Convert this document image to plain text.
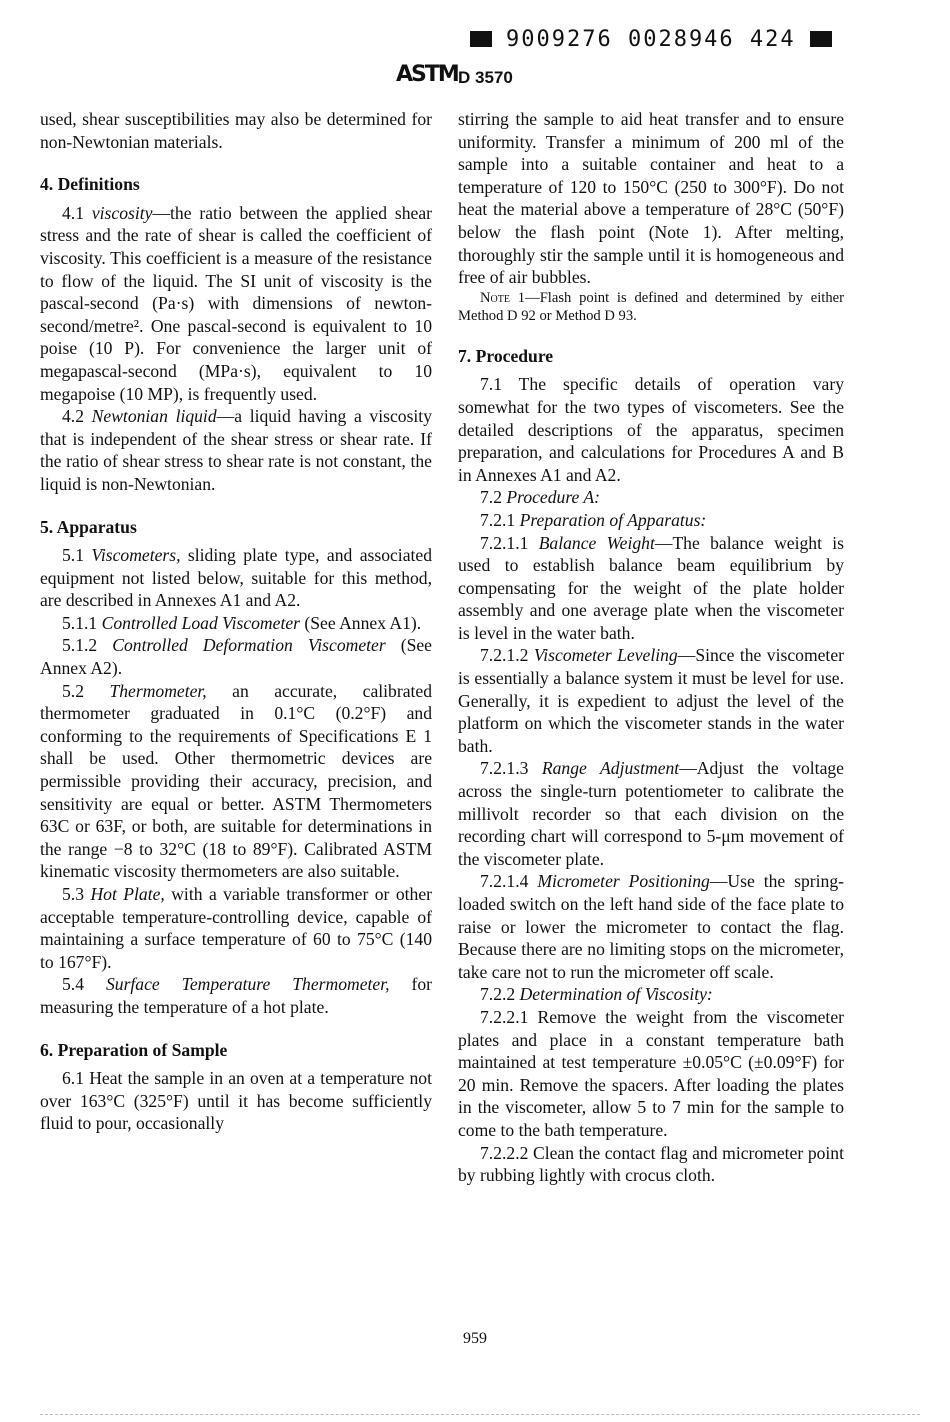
9009276 0028946 424
ASTM D 3570

used, shear susceptibilities may also be determined for non-Newtonian materials.

4. Definitions

4.1 viscosity—the ratio between the applied shear stress and the rate of shear is called the coefficient of viscosity. This coefficient is a measure of the resistance to flow of the liquid. The SI unit of viscosity is the pascal-second (Pa·s) with dimensions of newton-second/metre². One pascal-second is equivalent to 10 poise (10 P). For convenience the larger unit of megapascal-second (MPa·s), equivalent to 10 megapoise (10 MP), is frequently used.

4.2 Newtonian liquid—a liquid having a viscosity that is independent of the shear stress or shear rate. If the ratio of shear stress to shear rate is not constant, the liquid is non-Newtonian.

5. Apparatus

5.1 Viscometers, sliding plate type, and associated equipment not listed below, suitable for this method, are described in Annexes A1 and A2.

5.1.1 Controlled Load Viscometer (See Annex A1).

5.1.2 Controlled Deformation Viscometer (See Annex A2).

5.2 Thermometer, an accurate, calibrated thermometer graduated in 0.1°C (0.2°F) and conforming to the requirements of Specifications E 1 shall be used. Other thermometric devices are permissible providing their accuracy, precision, and sensitivity are equal or better. ASTM Thermometers 63C or 63F, or both, are suitable for determinations in the range −8 to 32°C (18 to 89°F). Calibrated ASTM kinematic viscosity thermometers are also suitable.

5.3 Hot Plate, with a variable transformer or other acceptable temperature-controlling device, capable of maintaining a surface temperature of 60 to 75°C (140 to 167°F).

5.4 Surface Temperature Thermometer, for measuring the temperature of a hot plate.

6. Preparation of Sample

6.1 Heat the sample in an oven at a temperature not over 163°C (325°F) until it has become sufficiently fluid to pour, occasionally

stirring the sample to aid heat transfer and to ensure uniformity. Transfer a minimum of 200 ml of the sample into a suitable container and heat to a temperature of 120 to 150°C (250 to 300°F). Do not heat the material above a temperature of 28°C (50°F) below the flash point (Note 1). After melting, thoroughly stir the sample until it is homogeneous and free of air bubbles.

Note 1—Flash point is defined and determined by either Method D 92 or Method D 93.

7. Procedure

7.1 The specific details of operation vary somewhat for the two types of viscometers. See the detailed descriptions of the apparatus, specimen preparation, and calculations for Procedures A and B in Annexes A1 and A2.

7.2 Procedure A:

7.2.1 Preparation of Apparatus:

7.2.1.1 Balance Weight—The balance weight is used to establish balance beam equilibrium by compensating for the weight of the plate holder assembly and one average plate when the viscometer is level in the water bath.

7.2.1.2 Viscometer Leveling—Since the viscometer is essentially a balance system it must be level for use. Generally, it is expedient to adjust the level of the platform on which the viscometer stands in the water bath.

7.2.1.3 Range Adjustment—Adjust the voltage across the single-turn potentiometer to calibrate the millivolt recorder so that each division on the recording chart will correspond to 5-μm movement of the viscometer plate.

7.2.1.4 Micrometer Positioning—Use the spring-loaded switch on the left hand side of the face plate to raise or lower the micrometer to contact the flag. Because there are no limiting stops on the micrometer, take care not to run the micrometer off scale.

7.2.2 Determination of Viscosity:

7.2.2.1 Remove the weight from the viscometer plates and place in a constant temperature bath maintained at test temperature ±0.05°C (±0.09°F) for 20 min. Remove the spacers. After loading the plates in the viscometer, allow 5 to 7 min for the sample to come to the bath temperature.

7.2.2.2 Clean the contact flag and micrometer point by rubbing lightly with crocus cloth.

959
